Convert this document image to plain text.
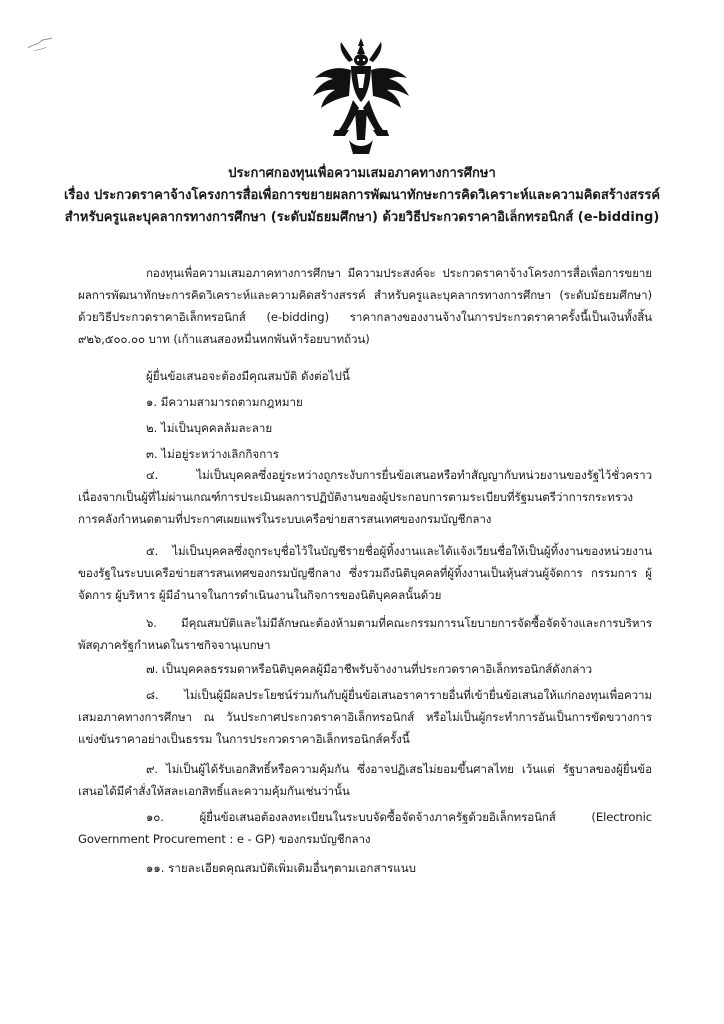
ประกาศกองทุนเพื่อความเสมอภาคทางการศึกษา
เรื่อง ประกวดราคาจ้างโครงการสื่อเพื่อการขยายผลการพัฒนาทักษะการคิดวิเคราะห์และความคิดสร้างสรรค์
สำหรับครูและบุคลากรทางการศึกษา (ระดับมัธยมศึกษา) ด้วยวิธีประกวดราคาอิเล็กทรอนิกส์ (e-bidding)
กองทุนเพื่อความเสมอภาคทางการศึกษา มีความประสงค์จะ ประกวดราคาจ้างโครงการสื่อเพื่อการขยายผลการพัฒนาทักษะการคิดวิเคราะห์และความคิดสร้างสรรค์ สำหรับครูและบุคลากรทางการศึกษา (ระดับมัธยมศึกษา) ด้วยวิธีประกวดราคาอิเล็กทรอนิกส์ (e-bidding) ราคากลางของงานจ้างในการประกวดราคาครั้งนี้เป็นเงินทั้งสิ้น ๙๒๖,๕๐๐.๐๐ บาท (เก้าแสนสองหมื่นหกพันห้าร้อยบาทถ้วน)
ผู้ยื่นข้อเสนอจะต้องมีคุณสมบัติ ดังต่อไปนี้
๑. มีความสามารถตามกฎหมาย
๒. ไม่เป็นบุคคลล้มละลาย
๓. ไม่อยู่ระหว่างเลิกกิจการ
๔. ไม่เป็นบุคคลซึ่งอยู่ระหว่างถูกระงับการยื่นข้อเสนอหรือทำสัญญากับหน่วยงานของรัฐไว้ชั่วคราวเนื่องจากเป็นผู้ที่ไม่ผ่านเกณฑ์การประเมินผลการปฏิบัติงานของผู้ประกอบการตามระเบียบที่รัฐมนตรีว่าการกระทรวงการคลังกำหนดตามที่ประกาศเผยแพร่ในระบบเครือข่ายสารสนเทศของกรมบัญชีกลาง
๕. ไม่เป็นบุคคลซึ่งถูกระบุชื่อไว้ในบัญชีรายชื่อผู้ทิ้งงานและได้แจ้งเวียนชื่อให้เป็นผู้ทิ้งงานของหน่วยงานของรัฐในระบบเครือข่ายสารสนเทศของกรมบัญชีกลาง ซึ่งรวมถึงนิติบุคคลที่ผู้ทิ้งงานเป็นหุ้นส่วนผู้จัดการ กรรมการ ผู้จัดการ ผู้บริหาร ผู้มีอำนาจในการดำเนินงานในกิจการของนิติบุคคลนั้นด้วย
๖. มีคุณสมบัติและไม่มีลักษณะต้องห้ามตามที่คณะกรรมการนโยบายการจัดซื้อจัดจ้างและการบริหารพัสดุภาครัฐกำหนดในราชกิจจานุเบกษา
๗. เป็นบุคคลธรรมดาหรือนิติบุคคลผู้มีอาชีพรับจ้างงานที่ประกวดราคาอิเล็กทรอนิกส์ดังกล่าว
๘. ไม่เป็นผู้มีผลประโยชน์ร่วมกันกับผู้ยื่นข้อเสนอราคารายอื่นที่เข้ายื่นข้อเสนอให้แก่กองทุนเพื่อความเสมอภาคทางการศึกษา ณ วันประกาศประกวดราคาอิเล็กทรอนิกส์ หรือไม่เป็นผู้กระทำการอันเป็นการขัดขวางการแข่งขันราคาอย่างเป็นธรรม ในการประกวดราคาอิเล็กทรอนิกส์ครั้งนี้
๙. ไม่เป็นผู้ได้รับเอกสิทธิ์หรือความคุ้มกัน ซึ่งอาจปฏิเสธไม่ยอมขึ้นศาลไทย เว้นแต่ รัฐบาลของผู้ยื่นข้อเสนอได้มีคำสั่งให้สละเอกสิทธิ์และความคุ้มกันเช่นว่านั้น
๑๐. ผู้ยื่นข้อเสนอต้องลงทะเบียนในระบบจัดซื้อจัดจ้างภาครัฐด้วยอิเล็กทรอนิกส์ (Electronic Government Procurement : e - GP) ของกรมบัญชีกลาง
๑๑. รายละเอียดคุณสมบัติเพิ่มเติมอื่นๆตามเอกสารแนบ
